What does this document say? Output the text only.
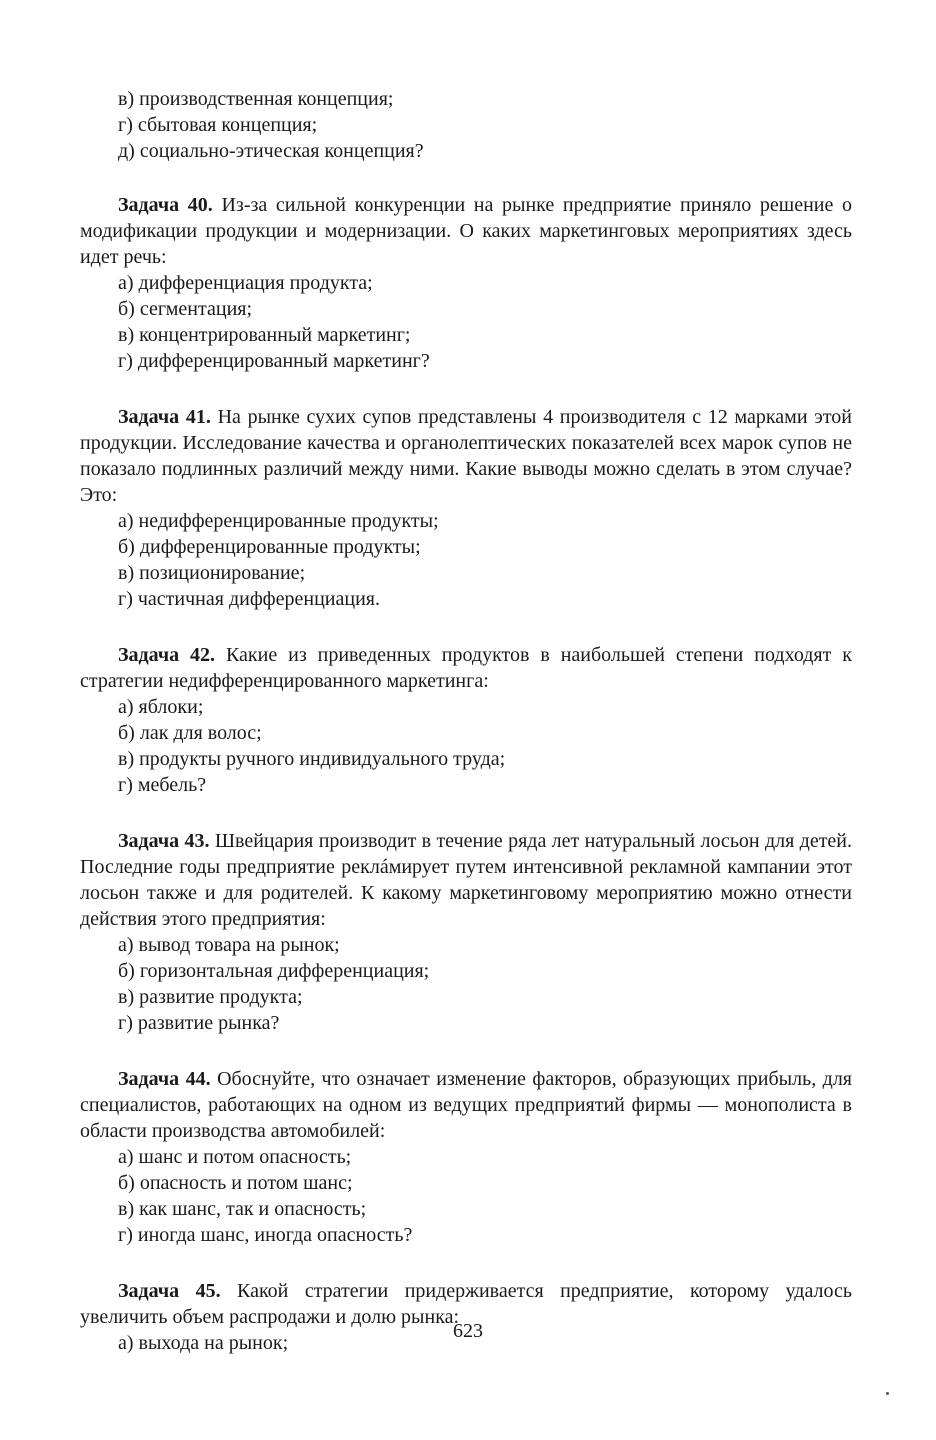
в) производственная концепция;
г) сбытовая концепция;
д) социально-этическая концепция?
Задача 40. Из-за сильной конкуренции на рынке предприятие приняло решение о модификации продукции и модернизации. О каких маркетинговых мероприятиях здесь идет речь:
а) дифференциация продукта;
б) сегментация;
в) концентрированный маркетинг;
г) дифференцированный маркетинг?
Задача 41. На рынке сухих супов представлены 4 производителя с 12 марками этой продукции. Исследование качества и органолептических показателей всех марок супов не показало подлинных различий между ними. Какие выводы можно сделать в этом случае? Это:
а) недифференцированные продукты;
б) дифференцированные продукты;
в) позиционирование;
г) частичная дифференциация.
Задача 42. Какие из приведенных продуктов в наибольшей степени подходят к стратегии недифференцированного маркетинга:
а) яблоки;
б) лак для волос;
в) продукты ручного индивидуального труда;
г) мебель?
Задача 43. Швейцария производит в течение ряда лет натуральный лосьон для детей. Последние годы предприятие реклáмирует путем интенсивной рекламной кампании этот лосьон также и для родителей. К какому маркетинговому мероприятию можно отнести действия этого предприятия:
а) вывод товара на рынок;
б) горизонтальная дифференциация;
в) развитие продукта;
г) развитие рынка?
Задача 44. Обоснуйте, что означает изменение факторов, образующих прибыль, для специалистов, работающих на одном из ведущих предприятий фирмы — монополиста в области производства автомобилей:
а) шанс и потом опасность;
б) опасность и потом шанс;
в) как шанс, так и опасность;
г) иногда шанс, иногда опасность?
Задача 45. Какой стратегии придерживается предприятие, которому удалось увеличить объем распродажи и долю рынка:
а) выхода на рынок;
623
